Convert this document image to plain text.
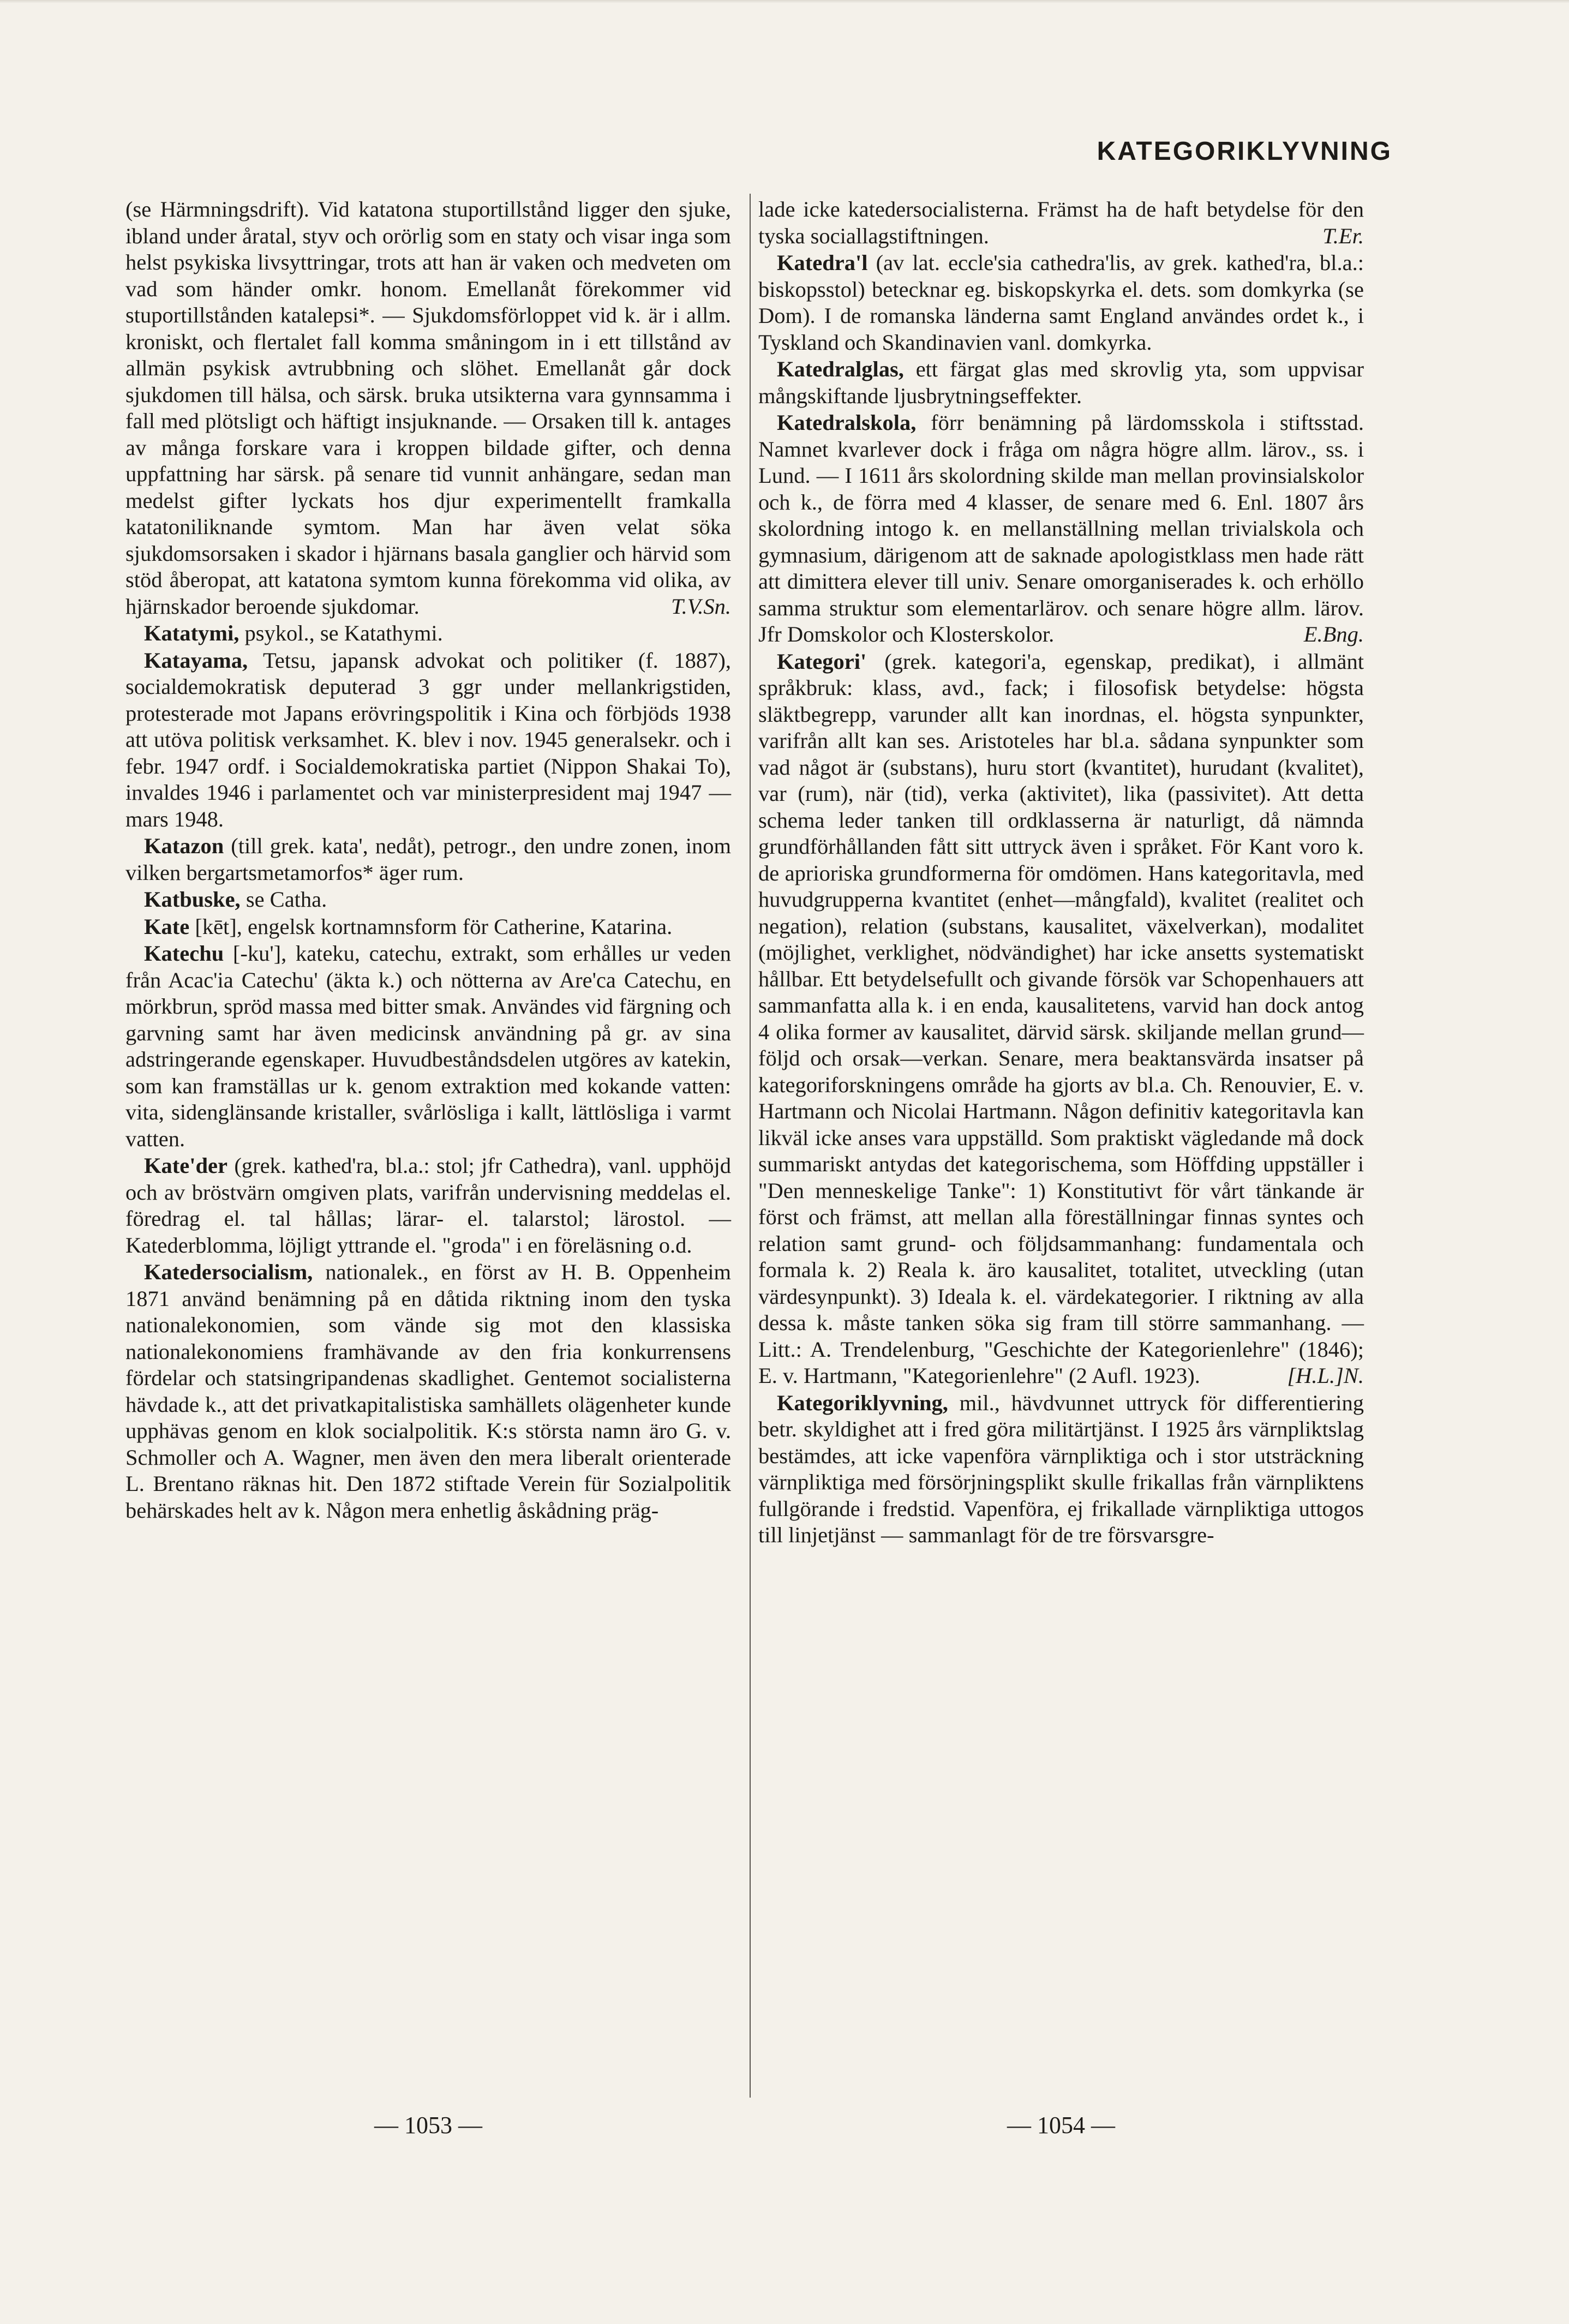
KATEGORIKLYVNING

(se Härmningsdrift). Vid katatona stuportillstånd ligger den sjuke, ibland under åratal, styv och orörlig som en staty och visar inga som helst psykiska livsyttringar, trots att han är vaken och medveten om vad som händer omkr. honom. Emellanåt förekommer vid stuportillstånden katalepsi*. — Sjukdomsförloppet vid k. är i allm. kroniskt, och flertalet fall komma småningom in i ett tillstånd av allmän psykisk avtrubbning och slöhet. Emellanåt går dock sjukdomen till hälsa, och särsk. bruka utsikterna vara gynnsamma i fall med plötsligt och häftigt insjuknande. — Orsaken till k. antages av många forskare vara i kroppen bildade gifter, och denna uppfattning har särsk. på senare tid vunnit anhängare, sedan man medelst gifter lyckats hos djur experimentellt framkalla katatoniliknande symtom. Man har även velat söka sjukdomsorsaken i skador i hjärnans basala ganglier och härvid som stöd åberopat, att katatona symtom kunna förekomma vid olika, av hjärnskador beroende sjukdomar.	T.V.Sn.

Katatymi, psykol., se Katathymi.

Katayama, Tetsu, japansk advokat och politiker (f. 1887), socialdemokratisk deputerad 3 ggr under mellankrigstiden, protesterade mot Japans erövringspolitik i Kina och förbjöds 1938 att utöva politisk verksamhet. K. blev i nov. 1945 generalsekr. och i febr. 1947 ordf. i Socialdemokratiska partiet (Nippon Shakai To), invaldes 1946 i parlamentet och var ministerpresident maj 1947 —mars 1948.

Katazon (till grek. kata', nedåt), petrogr., den undre zonen, inom vilken bergartsmetamorfos* äger rum.

Katbuske, se Catha.

Kate [kēt], engelsk kortnamnsform för Catherine, Katarina.

Katechu [-ku'], kateku, catechu, extrakt, som erhålles ur veden från Acac'ia Catechu' (äkta k.) och nötterna av Are'ca Catechu, en mörkbrun, spröd massa med bitter smak. Användes vid färgning och garvning samt har även medicinsk användning på gr. av sina adstringerande egenskaper. Huvudbeståndsdelen utgöres av katekin, som kan framställas ur k. genom extraktion med kokande vatten: vita, sidenglänsande kristaller, svårlösliga i kallt, lättlösliga i varmt vatten.

Kate'der (grek. kathed'ra, bl.a.: stol; jfr Cathedra), vanl. upphöjd och av bröstvärn omgiven plats, varifrån undervisning meddelas el. föredrag el. tal hållas; lärar- el. talarstol; lärostol. — Katederblomma, löjligt yttrande el. "groda" i en föreläsning o.d.

Katedersocialism, nationalek., en först av H. B. Oppenheim 1871 använd benämning på en dåtida riktning inom den tyska nationalekonomien, som vände sig mot den klassiska nationalekonomiens framhävande av den fria konkurrensens fördelar och statsingripandenas skadlighet. Gentemot socialisterna hävdade k., att det privatkapitalistiska samhällets olägenheter kunde upphävas genom en klok socialpolitik. K:s största namn äro G. v. Schmoller och A. Wagner, men även den mera liberalt orienterade L. Brentano räknas hit. Den 1872 stiftade Verein für Sozialpolitik behärskades helt av k. Någon mera enhetlig åskådning präg-

lade icke katedersocialisterna. Främst ha de haft betydelse för den tyska sociallagstiftningen.	T.Er.

Katedra'l (av lat. eccle'sia cathedra'lis, av grek. kathed'ra, bl.a.: biskopsstol) betecknar eg. biskopskyrka el. dets. som domkyrka (se Dom). I de romanska länderna samt England användes ordet k., i Tyskland och Skandinavien vanl. domkyrka.

Katedralglas, ett färgat glas med skrovlig yta, som uppvisar mångskiftande ljusbrytningseffekter.

Katedralskola, förr benämning på lärdomsskola i stiftsstad. Namnet kvarlever dock i fråga om några högre allm. lärov., ss. i Lund. — I 1611 års skolordning skilde man mellan provinsialskolor och k., de förra med 4 klasser, de senare med 6. Enl. 1807 års skolordning intogo k. en mellanställning mellan trivialskola och gymnasium, därigenom att de saknade apologistklass men hade rätt att dimittera elever till univ. Senare omorganiserades k. och erhöllo samma struktur som elementarlärov. och senare högre allm. lärov. Jfr Domskolor och Klosterskolor.	E.Bng.

Kategori' (grek. kategori'a, egenskap, predikat), i allmänt språkbruk: klass, avd., fack; i filosofisk betydelse: högsta släktbegrepp, varunder allt kan inordnas, el. högsta synpunkter, varifrån allt kan ses. Aristoteles har bl.a. sådana synpunkter som vad något är (substans), huru stort (kvantitet), hurudant (kvalitet), var (rum), när (tid), verka (aktivitet), lika (passivitet). Att detta schema leder tanken till ordklasserna är naturligt, då nämnda grundförhållanden fått sitt uttryck även i språket. För Kant voro k. de aprioriska grundformerna för omdömen. Hans kategoritavla, med huvudgrupperna kvantitet (enhet—mångfald), kvalitet (realitet och negation), relation (substans, kausalitet, växelverkan), modalitet (möjlighet, verklighet, nödvändighet) har icke ansetts systematiskt hållbar. Ett betydelsefullt och givande försök var Schopenhauers att sammanfatta alla k. i en enda, kausalitetens, varvid han dock antog 4 olika former av kausalitet, därvid särsk. skiljande mellan grund—följd och orsak—verkan. Senare, mera beaktansvärda insatser på kategoriforskningens område ha gjorts av bl.a. Ch. Renouvier, E. v. Hartmann och Nicolai Hartmann. Någon definitiv kategoritavla kan likväl icke anses vara uppställd. Som praktiskt vägledande må dock summariskt antydas det kategorischema, som Höffding uppställer i "Den menneskelige Tanke": 1) Konstitutivt för vårt tänkande är först och främst, att mellan alla föreställningar finnas syntes och relation samt grund- och följdsammanhang: fundamentala och formala k. 2) Reala k. äro kausalitet, totalitet, utveckling (utan värdesynpunkt). 3) Ideala k. el. värdekategorier. I riktning av alla dessa k. måste tanken söka sig fram till större sammanhang. — Litt.: A. Trendelenburg, "Geschichte der Kategorienlehre" (1846); E. v. Hartmann, "Kategorienlehre" (2 Aufl. 1923).	[H.L.]N.

Kategoriklyvning, mil., hävdvunnet uttryck för differentiering betr. skyldighet att i fred göra militärtjänst. I 1925 års värnpliktslag bestämdes, att icke vapenföra värnpliktiga och i stor utsträckning värnpliktiga med försörjningsplikt skulle frikallas från värnpliktens fullgörande i fredstid. Vapenföra, ej frikallade värnpliktiga uttogos till linjetjänst — sammanlagt för de tre försvarsgre-

— 1053 —	— 1054 —
